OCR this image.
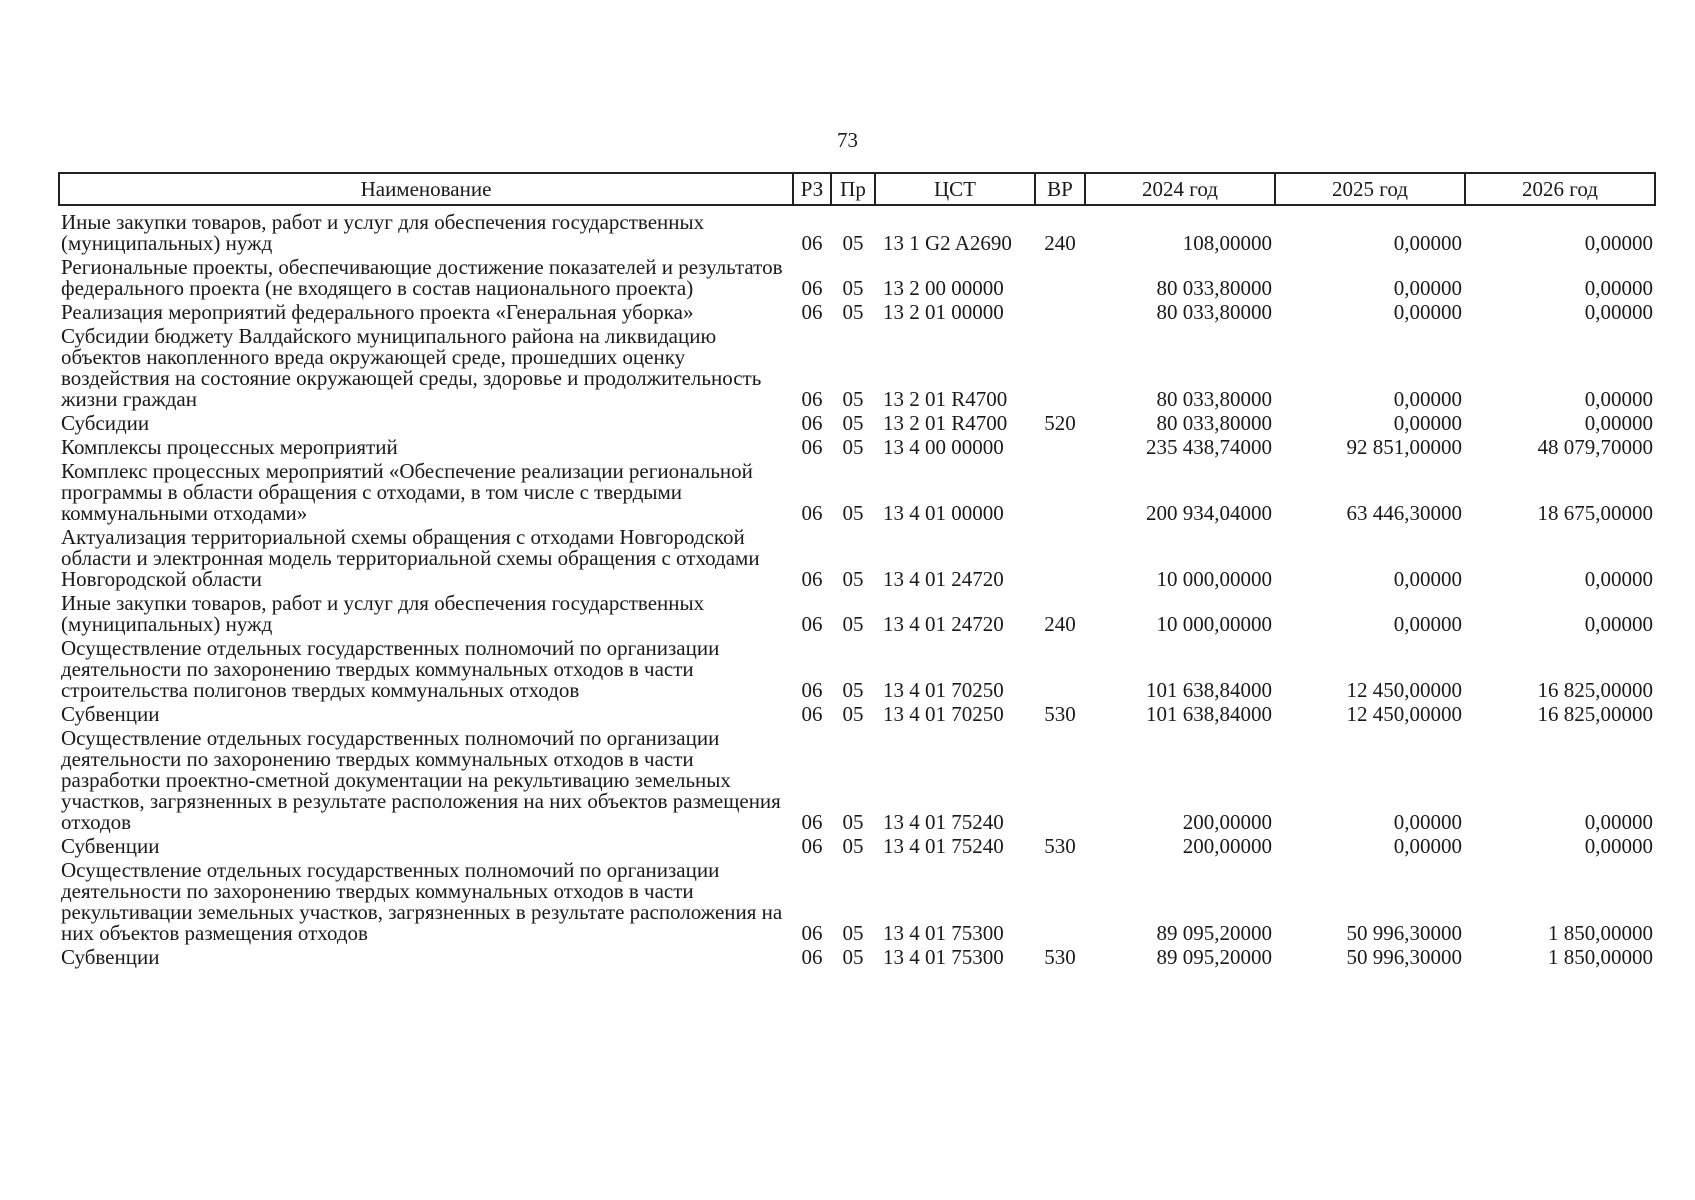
73
Наименование	РЗ	Пр	ЦСТ	ВР	2024 год	2025 год	2026 год
Иные закупки товаров, работ и услуг для обеспечения государственных (муниципальных) нужд	06	05	13 1 G2 A2690	240	108,00000	0,00000	0,00000
Региональные проекты, обеспечивающие достижение показателей и результатов федерального проекта (не входящего в состав национального проекта)	06	05	13 2 00 00000		80 033,80000	0,00000	0,00000
Реализация мероприятий федерального проекта «Генеральная уборка»	06	05	13 2 01 00000		80 033,80000	0,00000	0,00000
Субсидии бюджету Валдайского муниципального района на ликвидацию объектов накопленного вреда окружающей среде, прошедших оценку воздействия на состояние окружающей среды, здоровье и продолжительность жизни граждан	06	05	13 2 01 R4700		80 033,80000	0,00000	0,00000
Субсидии	06	05	13 2 01 R4700	520	80 033,80000	0,00000	0,00000
Комплексы процессных мероприятий	06	05	13 4 00 00000		235 438,74000	92 851,00000	48 079,70000
Комплекс процессных мероприятий «Обеспечение реализации региональной программы в области обращения с отходами, в том числе с твердыми коммунальными отходами»	06	05	13 4 01 00000		200 934,04000	63 446,30000	18 675,00000
Актуализация территориальной схемы обращения с отходами Новгородской области и электронная модель территориальной схемы обращения с отходами Новгородской области	06	05	13 4 01 24720		10 000,00000	0,00000	0,00000
Иные закупки товаров, работ и услуг для обеспечения государственных (муниципальных) нужд	06	05	13 4 01 24720	240	10 000,00000	0,00000	0,00000
Осуществление отдельных государственных полномочий по организации деятельности по захоронению твердых коммунальных отходов в части строительства полигонов твердых коммунальных отходов	06	05	13 4 01 70250		101 638,84000	12 450,00000	16 825,00000
Субвенции	06	05	13 4 01 70250	530	101 638,84000	12 450,00000	16 825,00000
Осуществление отдельных государственных полномочий по организации деятельности по захоронению твердых коммунальных отходов в части разработки проектно-сметной документации на рекультивацию земельных участков, загрязненных в результате расположения на них объектов размещения отходов	06	05	13 4 01 75240		200,00000	0,00000	0,00000
Субвенции	06	05	13 4 01 75240	530	200,00000	0,00000	0,00000
Осуществление отдельных государственных полномочий по организации деятельности по захоронению твердых коммунальных отходов в части рекультивации земельных участков, загрязненных в результате расположения на них объектов размещения отходов	06	05	13 4 01 75300		89 095,20000	50 996,30000	1 850,00000
Субвенции	06	05	13 4 01 75300	530	89 095,20000	50 996,30000	1 850,00000
